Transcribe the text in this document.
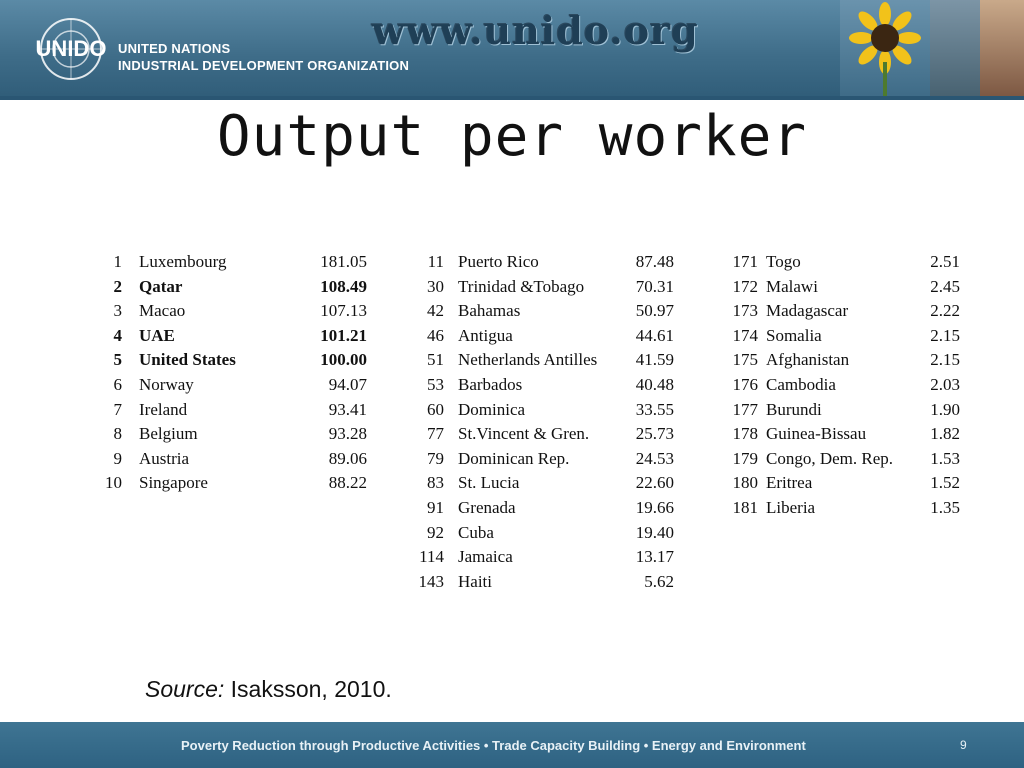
UNIDO UNITED NATIONS
INDUSTRIAL DEVELOPMENT ORGANIZATION
www.unido.org
Output per worker
1 Luxembourg	181.05
2 Qatar	108.49
3 Macao	107.13
4 UAE	101.21
5 United States	100.00
6 Norway	94.07
7 Ireland	93.41
8 Belgium	93.28
9 Austria	89.06
10 Singapore	88.22
11 Puerto Rico	87.48
30 Trinidad &Tobago	70.31
42 Bahamas	50.97
46 Antigua	44.61
51 Netherlands Antilles	41.59
53 Barbados	40.48
60 Dominica	33.55
77 St.Vincent & Gren.	25.73
79 Dominican Rep.	24.53
83 St. Lucia	22.60
91 Grenada	19.66
92 Cuba	19.40
114 Jamaica	13.17
143 Haiti	5.62
171 Togo	2.51
172 Malawi	2.45
173 Madagascar	2.22
174 Somalia	2.15
175 Afghanistan	2.15
176 Cambodia	2.03
177 Burundi	1.90
178 Guinea-Bissau	1.82
179 Congo, Dem. Rep.	1.53
180 Eritrea	1.52
181 Liberia	1.35
Source: Isaksson, 2010.
Poverty Reduction through Productive Activities • Trade Capacity Building • Energy and Environment	9
